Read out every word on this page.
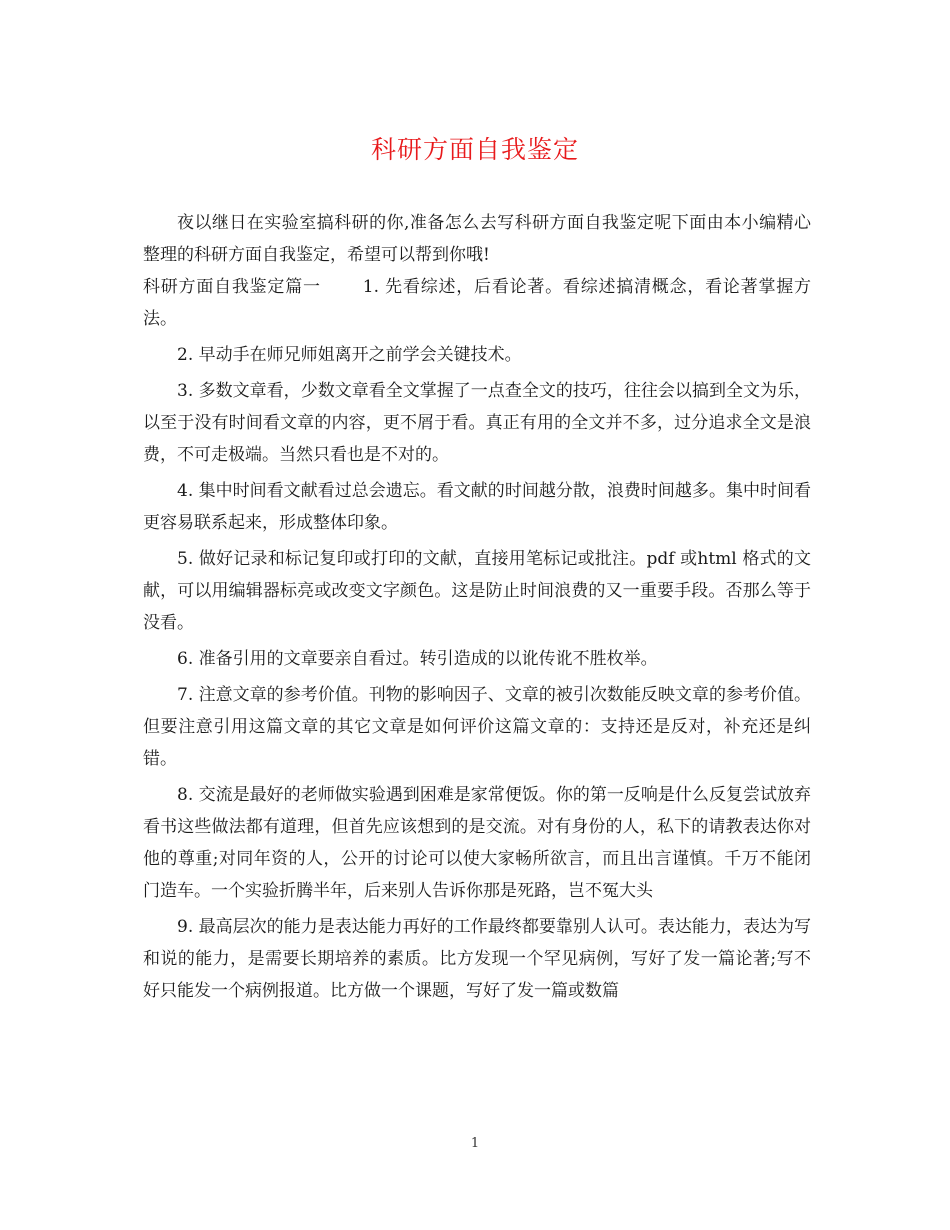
科研方面自我鉴定

夜以继日在实验室搞科研的你,准备怎么去写科研方面自我鉴定呢下面由本小编精心整理的科研方面自我鉴定，希望可以帮到你哦!

科研方面自我鉴定篇一 1. 先看综述，后看论著。看综述搞清概念，看论著掌握方法。

2. 早动手在师兄师姐离开之前学会关键技术。

3. 多数文章看，少数文章看全文掌握了一点查全文的技巧，往往会以搞到全文为乐，以至于没有时间看文章的内容，更不屑于看。真正有用的全文并不多，过分追求全文是浪费，不可走极端。当然只看也是不对的。

4. 集中时间看文献看过总会遗忘。看文献的时间越分散，浪费时间越多。集中时间看更容易联系起来，形成整体印象。

5. 做好记录和标记复印或打印的文献，直接用笔标记或批注。pdf 或html 格式的文献，可以用编辑器标亮或改变文字颜色。这是防止时间浪费的又一重要手段。否那么等于没看。

6. 准备引用的文章要亲自看过。转引造成的以讹传讹不胜枚举。

7. 注意文章的参考价值。刊物的影响因子、文章的被引次数能反映文章的参考价值。但要注意引用这篇文章的其它文章是如何评价这篇文章的：支持还是反对，补充还是纠错。

8. 交流是最好的老师做实验遇到困难是家常便饭。你的第一反响是什么反复尝试放弃看书这些做法都有道理，但首先应该想到的是交流。对有身份的人，私下的请教表达你对他的尊重;对同年资的人，公开的讨论可以使大家畅所欲言，而且出言谨慎。千万不能闭门造车。一个实验折腾半年，后来别人告诉你那是死路，岂不冤大头

9. 最高层次的能力是表达能力再好的工作最终都要靠别人认可。表达能力，表达为写和说的能力，是需要长期培养的素质。比方发现一个罕见病例，写好了发一篇论著;写不好只能发一个病例报道。比方做一个课题，写好了发一篇或数篇

1
